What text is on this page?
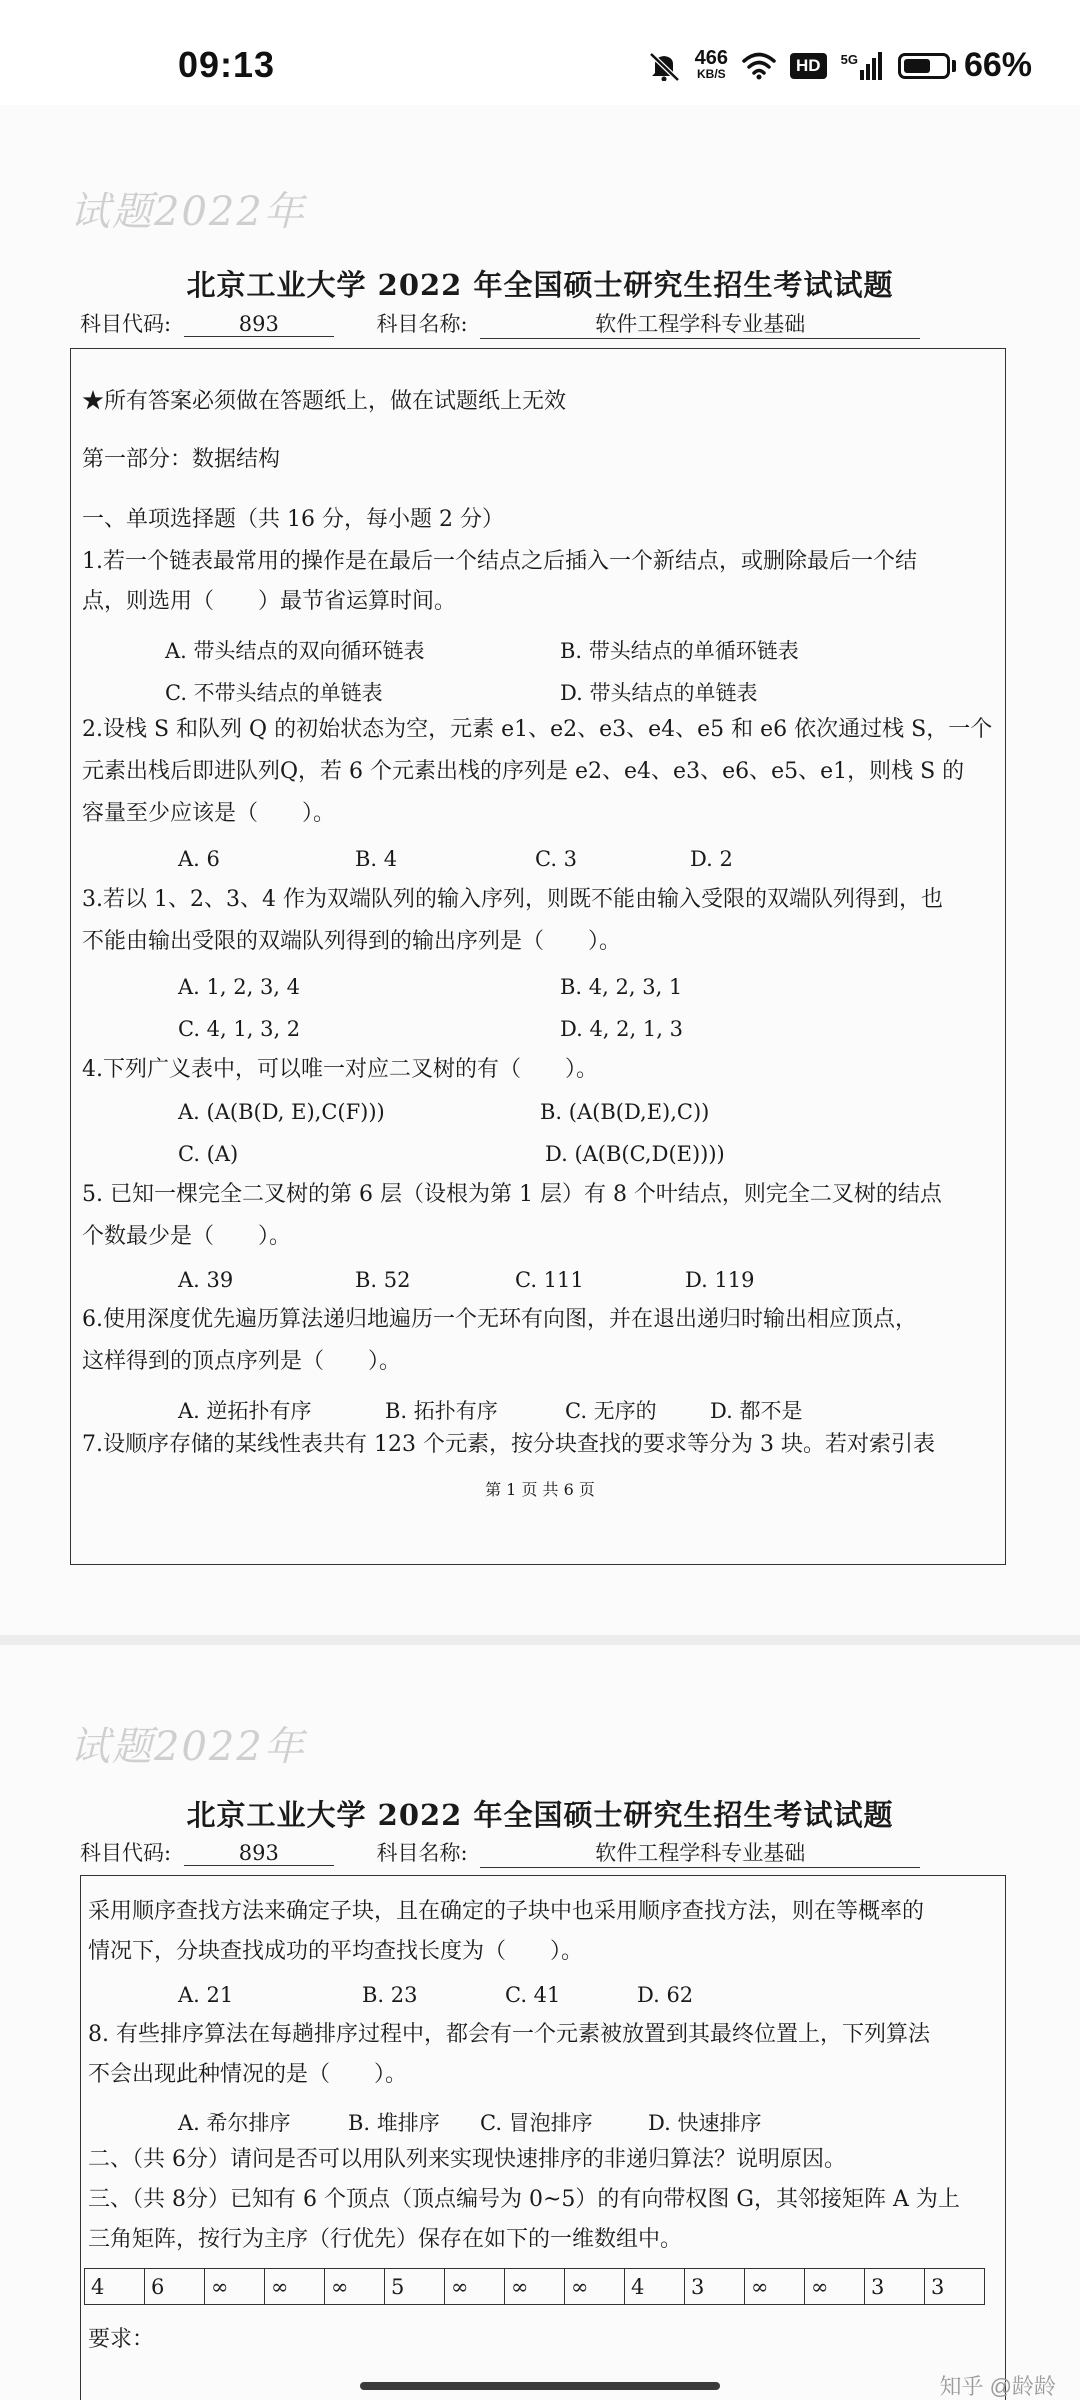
09:13	466
KB/S	HD	5G	66%
试题2022年
北京工业大学 2022 年全国硕士研究生招生考试试题
科目代码:	893	科目名称:	软件工程学科专业基础
★所有答案必须做在答题纸上，做在试题纸上无效
第一部分：数据结构
一、单项选择题（共 16 分，每小题 2 分）
1.若一个链表最常用的操作是在最后一个结点之后插入一个新结点，或删除最后一个结
点，则选用（　　）最节省运算时间。
A. 带头结点的双向循环链表	B. 带头结点的单循环链表
C. 不带头结点的单链表	D. 带头结点的单链表
2.设栈 S 和队列 Q 的初始状态为空，元素 e1、e2、e3、e4、e5 和 e6 依次通过栈 S，一个
元素出栈后即进队列Q，若 6 个元素出栈的序列是 e2、e4、e3、e6、e5、e1，则栈 S 的
容量至少应该是（　　）。
A. 6	B. 4	C. 3	D. 2
3.若以 1、2、3、4 作为双端队列的输入序列，则既不能由输入受限的双端队列得到，也
不能由输出受限的双端队列得到的输出序列是（　　）。
A. 1, 2, 3, 4	B. 4, 2, 3, 1
C. 4, 1, 3, 2	D. 4, 2, 1, 3
4.下列广义表中，可以唯一对应二叉树的有（　　）。
A. (A(B(D, E),C(F)))	B. (A(B(D,E),C))
C. (A)	D. (A(B(C,D(E))))
5. 已知一棵完全二叉树的第 6 层（设根为第 1 层）有 8 个叶结点，则完全二叉树的结点
个数最少是（　　）。
A. 39	B. 52	C. 111	D. 119
6.使用深度优先遍历算法递归地遍历一个无环有向图，并在退出递归时输出相应顶点，
这样得到的顶点序列是（　　）。
A. 逆拓扑有序	B. 拓扑有序	C. 无序的	D. 都不是
7.设顺序存储的某线性表共有 123 个元素，按分块查找的要求等分为 3 块。若对索引表
第 1 页 共 6 页
试题2022年
北京工业大学 2022 年全国硕士研究生招生考试试题
科目代码:	893	科目名称:	软件工程学科专业基础
采用顺序查找方法来确定子块，且在确定的子块中也采用顺序查找方法，则在等概率的
情况下，分块查找成功的平均查找长度为（　　）。
A. 21	B. 23	C. 41	D. 62
8. 有些排序算法在每趟排序过程中，都会有一个元素被放置到其最终位置上，下列算法
不会出现此种情况的是（　　）。
A. 希尔排序	B. 堆排序 C. 冒泡排序	D. 快速排序
二、（共 6分）请问是否可以用队列来实现快速排序的非递归算法？说明原因。
三、（共 8分）已知有 6 个顶点（顶点编号为 0~5）的有向带权图 G，其邻接矩阵 A 为上
三角矩阵，按行为主序（行优先）保存在如下的一维数组中。
4	6	∞	∞	∞	5	∞	∞	∞	4	3	∞	∞	3	3
要求：
知乎 @龄龄
